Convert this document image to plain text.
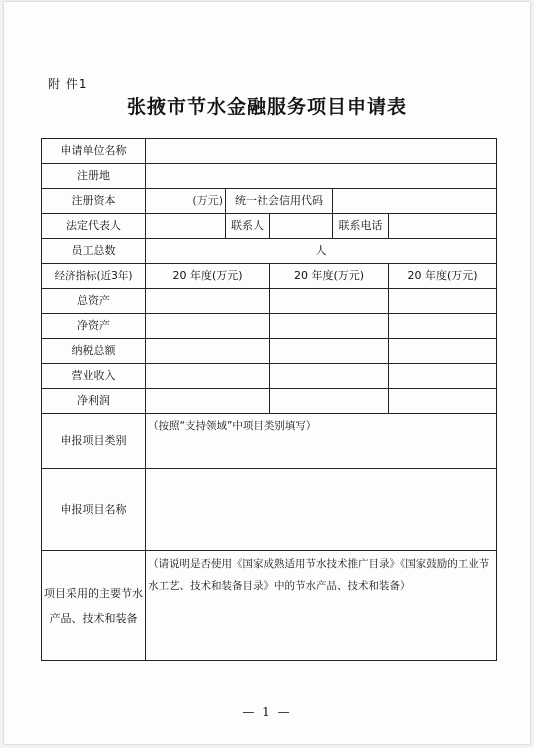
附 件1
张掖市节水金融服务项目申请表
申请单位名称					
注册地					
注册资本	(万元)	统一社会信用代码			
法定代表人		联系人		联系电话	
员工总数	人				
经济指标(近3年)	20 年度(万元)		20 年度(万元)		20 年度(万元)
总资产					
净资产					
纳税总额					
营业收入					
净利润					
申报项目类别	（按照“支持领域”中项目类别填写）				
申报项目名称					
项目采用的主要节水产品、技术和装备	（请说明是否使用《国家成熟适用节水技术推广目录》《国家鼓励的工业节水工艺、技术和装备目录》中的节水产品、技术和装备）				
— 1 —
